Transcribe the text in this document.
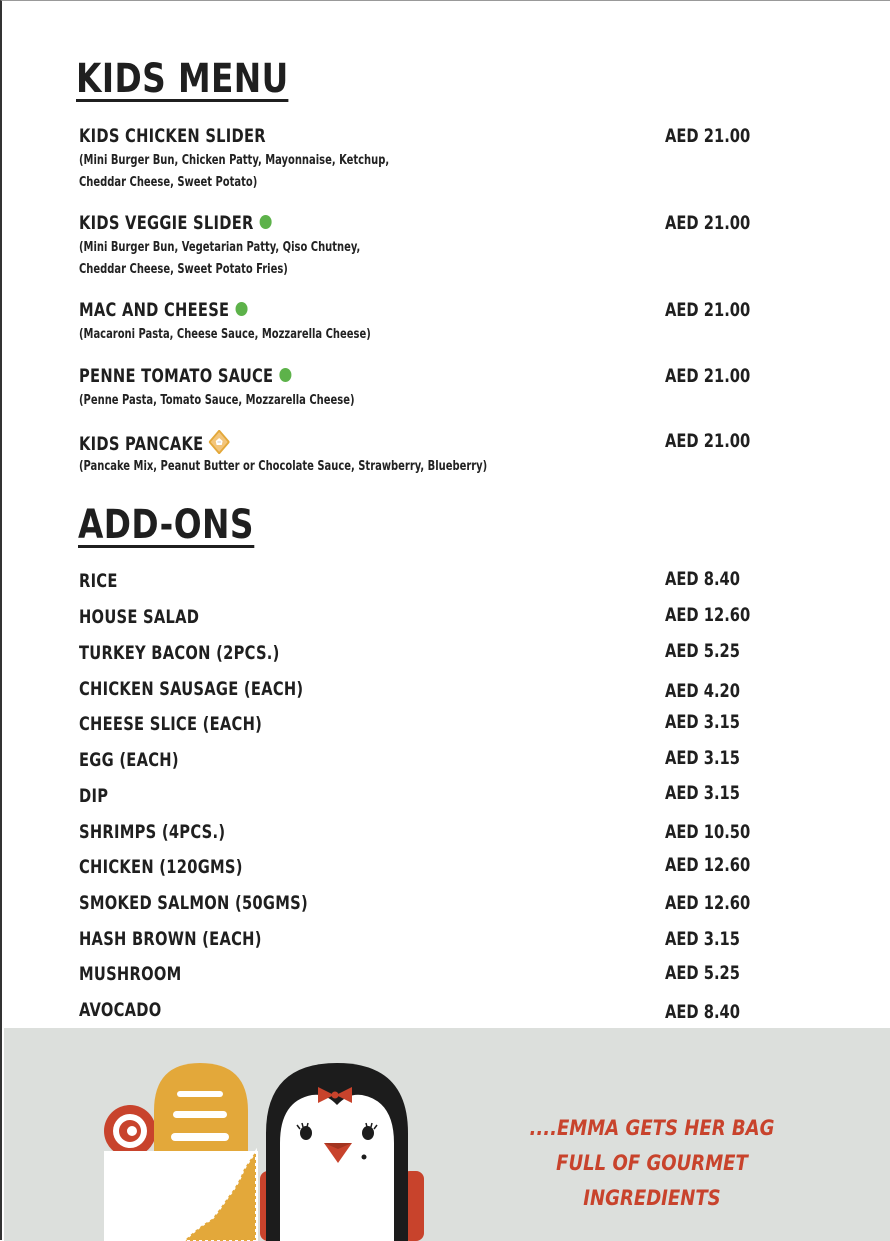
KIDS MENU
KIDS CHICKEN SLIDER
(Mini Burger Bun, Chicken Patty, Mayonnaise, Ketchup,
Cheddar Cheese, Sweet Potato)
AED 21.00
KIDS VEGGIE SLIDER
(Mini Burger Bun, Vegetarian Patty, Qiso Chutney,
Cheddar Cheese, Sweet Potato Fries)
AED 21.00
MAC AND CHEESE
(Macaroni Pasta, Cheese Sauce, Mozzarella Cheese)
AED 21.00
PENNE TOMATO SAUCE
(Penne Pasta, Tomato Sauce, Mozzarella Cheese)
AED 21.00
KIDS PANCAKE
(Pancake Mix, Peanut Butter or Chocolate Sauce, Strawberry, Blueberry)
AED 21.00
ADD-ONS
RICE	AED 8.40
HOUSE SALAD	AED 12.60
TURKEY BACON (2PCS.)	AED 5.25
CHICKEN SAUSAGE (EACH)	AED 4.20
CHEESE SLICE (EACH)	AED 3.15
EGG (EACH)	AED 3.15
DIP	AED 3.15
SHRIMPS (4PCS.)	AED 10.50
CHICKEN (120GMS)	AED 12.60
SMOKED SALMON (50GMS)	AED 12.60
HASH BROWN (EACH)	AED 3.15
MUSHROOM	AED 5.25
AVOCADO	AED 8.40
....EMMA GETS HER BAG
FULL OF GOURMET
INGREDIENTS
